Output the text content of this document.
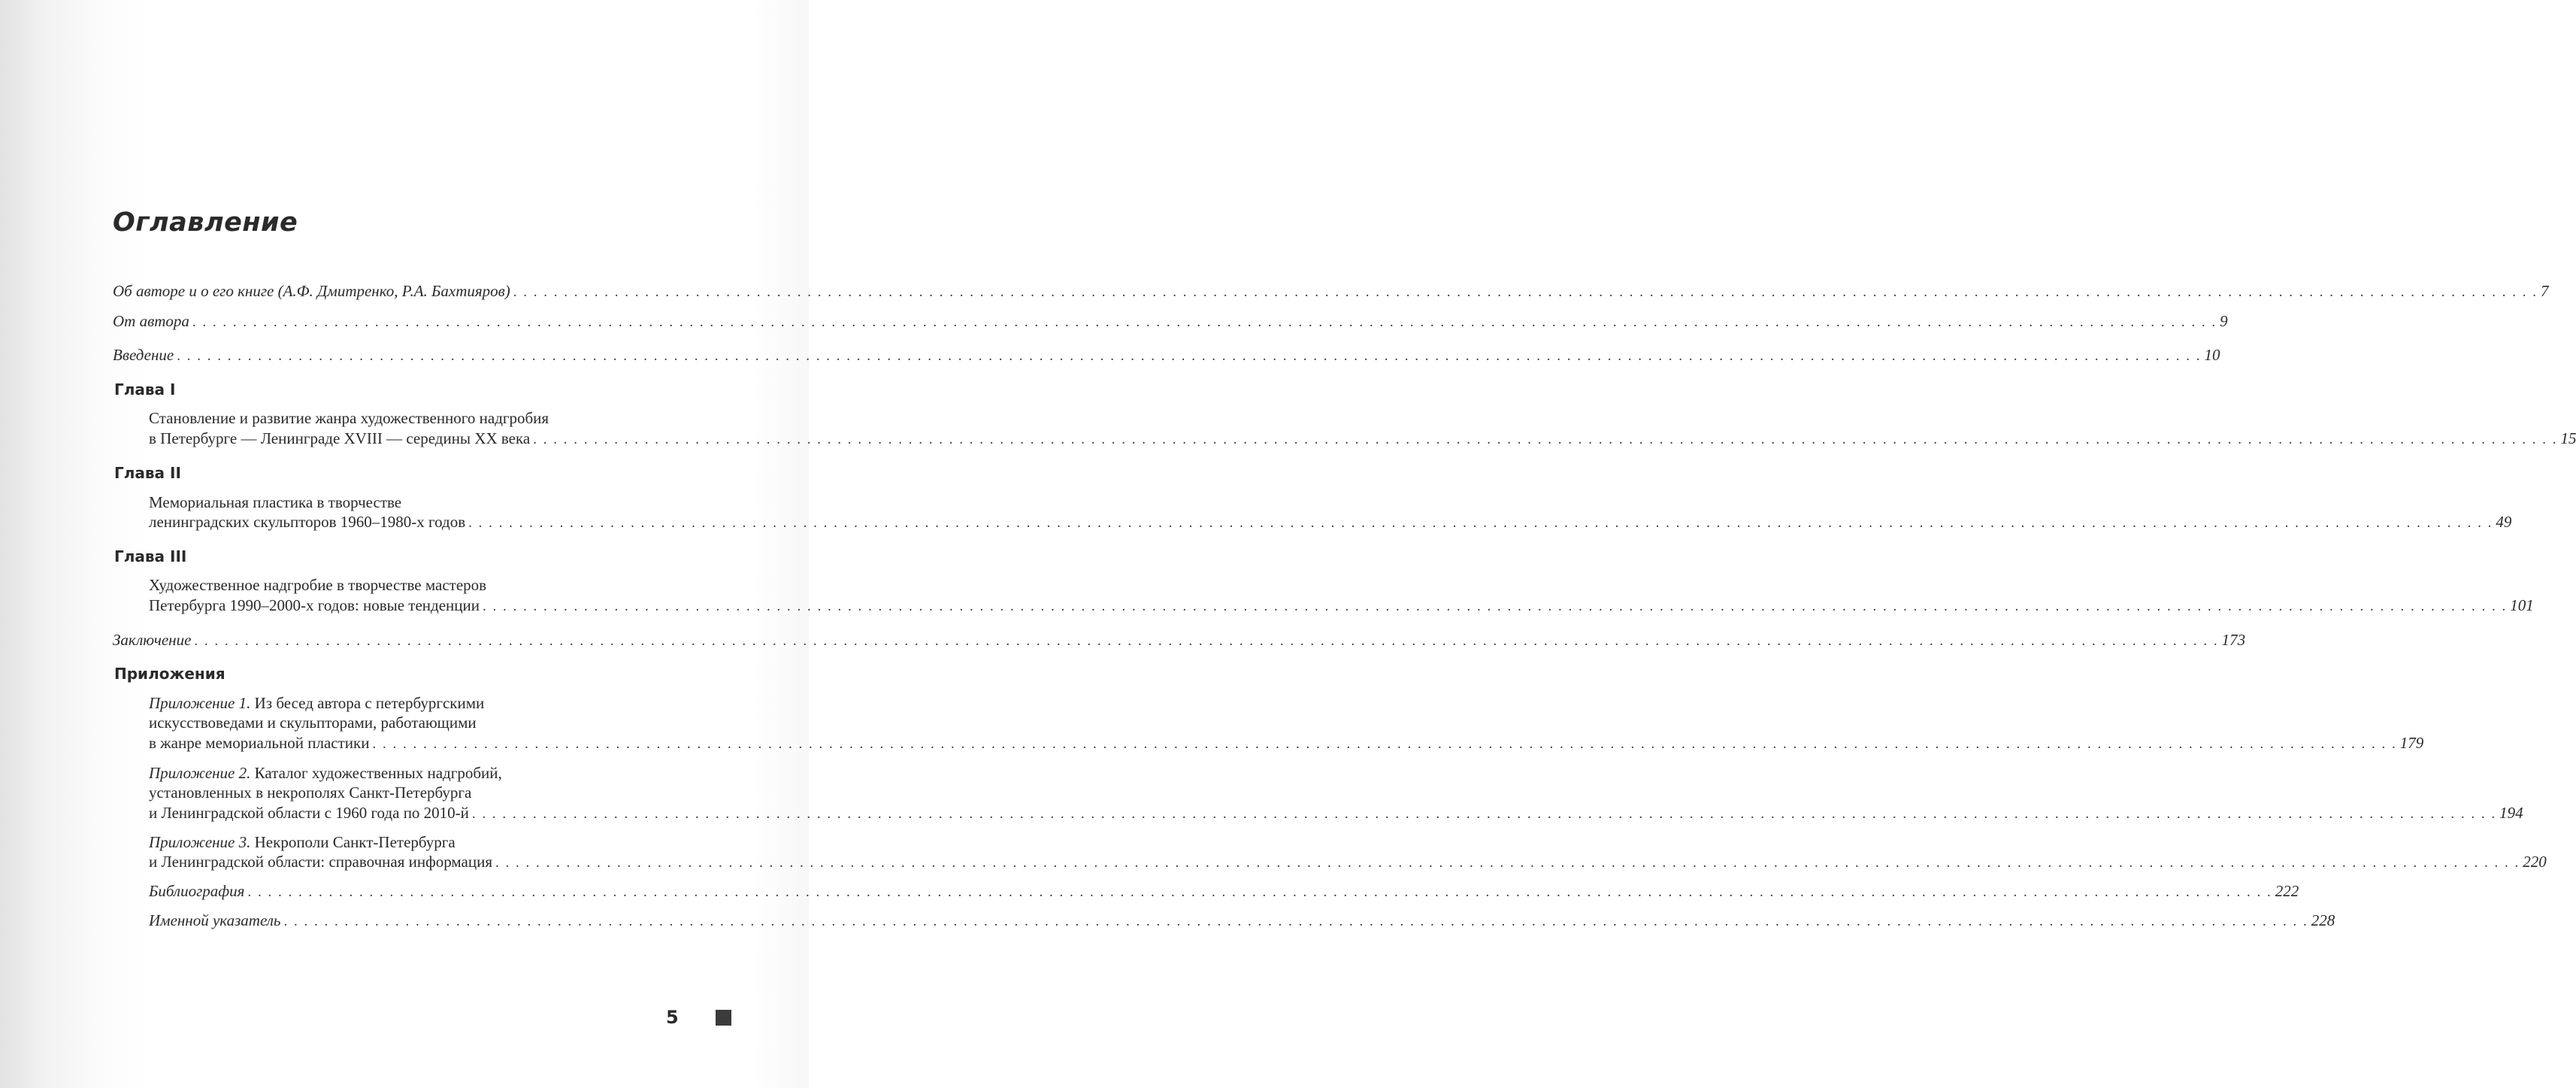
Оглавление
Об авторе и о его книге (А.Ф. Дмитренко, Р.А. Бахтияров) . . . . . . . . . . . . . . . . . . . . . . . . . . . . . . . . . . . . . . . . . . . . . . . . . . . . . . . . . . . . . . . . . . . . . . . . . . . . . . . . . . . . . . . . . . . . . . . . . . . . . . . . . . . . . . . . . . . . . . . . . . . . . . . . . . . . . . . . . . . . . . . . . . . . . . . . . . . . . . . . . . . . . . . . . . . . . . . . . . . . . . . . . . . . . . . . . . . . . . . . 7
От автора . . . . . . . . . . . . . . . . . . . . . . . . . . . . . . . . . . . . . . . . . . . . . . . . . . . . . . . . . . . . . . . . . . . . . . . . . . . . . . . . . . . . . . . . . . . . . . . . . . . . . . . . . . . . . . . . . . . . . . . . . . . . . . . . . . . . . . . . . . . . . . . . . . . . . . . . . . . . . . . . . . . . . . . . . . . . . . . . . . . . . . . . . . . . . . . . . . . . . . . . 9
Введение . . . . . . . . . . . . . . . . . . . . . . . . . . . . . . . . . . . . . . . . . . . . . . . . . . . . . . . . . . . . . . . . . . . . . . . . . . . . . . . . . . . . . . . . . . . . . . . . . . . . . . . . . . . . . . . . . . . . . . . . . . . . . . . . . . . . . . . . . . . . . . . . . . . . . . . . . . . . . . . . . . . . . . . . . . . . . . . . . . . . . . . . . . . . . . . . . . . . . . . . 10
Глава I
Становление и развитие жанра художественного надгробия
в Петербурге — Ленинграде XVIII — середины XX века . . . . . . . . . . . . . . . . . . . . . . . . . . . . . . . . . . . . . . . . . . . . . . . . . . . . . . . . . . . . . . . . . . . . . . . . . . . . . . . . . . . . . . . . . . . . . . . . . . . . . . . . . . . . . . . . . . . . . . . . . . . . . . . . . . . . . . . . . . . . . . . . . . . . . . . . . . . . . . . . . . . . . . . . . . . . . . . . . . . . . . . . . . . . . . . . . . . . . . . . 15
Глава II
Мемориальная пластика в творчестве
ленинградских скульпторов 1960–1980-х годов . . . . . . . . . . . . . . . . . . . . . . . . . . . . . . . . . . . . . . . . . . . . . . . . . . . . . . . . . . . . . . . . . . . . . . . . . . . . . . . . . . . . . . . . . . . . . . . . . . . . . . . . . . . . . . . . . . . . . . . . . . . . . . . . . . . . . . . . . . . . . . . . . . . . . . . . . . . . . . . . . . . . . . . . . . . . . . . . . . . . . . . . . . . . . . . . . . . . . . . . 49
Глава III
Художественное надгробие в творчестве мастеров
Петербурга 1990–2000-х годов: новые тенденции . . . . . . . . . . . . . . . . . . . . . . . . . . . . . . . . . . . . . . . . . . . . . . . . . . . . . . . . . . . . . . . . . . . . . . . . . . . . . . . . . . . . . . . . . . . . . . . . . . . . . . . . . . . . . . . . . . . . . . . . . . . . . . . . . . . . . . . . . . . . . . . . . . . . . . . . . . . . . . . . . . . . . . . . . . . . . . . . . . . . . . . . . . . . . . . . . . . . . . . . 101
Заключение . . . . . . . . . . . . . . . . . . . . . . . . . . . . . . . . . . . . . . . . . . . . . . . . . . . . . . . . . . . . . . . . . . . . . . . . . . . . . . . . . . . . . . . . . . . . . . . . . . . . . . . . . . . . . . . . . . . . . . . . . . . . . . . . . . . . . . . . . . . . . . . . . . . . . . . . . . . . . . . . . . . . . . . . . . . . . . . . . . . . . . . . . . . . . . . . . . . . . . . . 173
Приложения
Приложение 1. Из бесед автора с петербургскими
искусствоведами и скульпторами, работающими
в жанре мемориальной пластики . . . . . . . . . . . . . . . . . . . . . . . . . . . . . . . . . . . . . . . . . . . . . . . . . . . . . . . . . . . . . . . . . . . . . . . . . . . . . . . . . . . . . . . . . . . . . . . . . . . . . . . . . . . . . . . . . . . . . . . . . . . . . . . . . . . . . . . . . . . . . . . . . . . . . . . . . . . . . . . . . . . . . . . . . . . . . . . . . . . . . . . . . . . . . . . . . . . . . . . . 179
Приложение 2. Каталог художественных надгробий,
установленных в некрополях Санкт-Петербурга
и Ленинградской области с 1960 года по 2010-й . . . . . . . . . . . . . . . . . . . . . . . . . . . . . . . . . . . . . . . . . . . . . . . . . . . . . . . . . . . . . . . . . . . . . . . . . . . . . . . . . . . . . . . . . . . . . . . . . . . . . . . . . . . . . . . . . . . . . . . . . . . . . . . . . . . . . . . . . . . . . . . . . . . . . . . . . . . . . . . . . . . . . . . . . . . . . . . . . . . . . . . . . . . . . . . . . . . . . . . . 194
Приложение 3. Некрополи Санкт-Петербурга
и Ленинградской области: справочная информация . . . . . . . . . . . . . . . . . . . . . . . . . . . . . . . . . . . . . . . . . . . . . . . . . . . . . . . . . . . . . . . . . . . . . . . . . . . . . . . . . . . . . . . . . . . . . . . . . . . . . . . . . . . . . . . . . . . . . . . . . . . . . . . . . . . . . . . . . . . . . . . . . . . . . . . . . . . . . . . . . . . . . . . . . . . . . . . . . . . . . . . . . . . . . . . . . . . . . . . . 220
Библиография . . . . . . . . . . . . . . . . . . . . . . . . . . . . . . . . . . . . . . . . . . . . . . . . . . . . . . . . . . . . . . . . . . . . . . . . . . . . . . . . . . . . . . . . . . . . . . . . . . . . . . . . . . . . . . . . . . . . . . . . . . . . . . . . . . . . . . . . . . . . . . . . . . . . . . . . . . . . . . . . . . . . . . . . . . . . . . . . . . . . . . . . . . . . . . . . . . . . . . . . 222
Именной указатель . . . . . . . . . . . . . . . . . . . . . . . . . . . . . . . . . . . . . . . . . . . . . . . . . . . . . . . . . . . . . . . . . . . . . . . . . . . . . . . . . . . . . . . . . . . . . . . . . . . . . . . . . . . . . . . . . . . . . . . . . . . . . . . . . . . . . . . . . . . . . . . . . . . . . . . . . . . . . . . . . . . . . . . . . . . . . . . . . . . . . . . . . . . . . . . . . . . . . . . . 228
5
